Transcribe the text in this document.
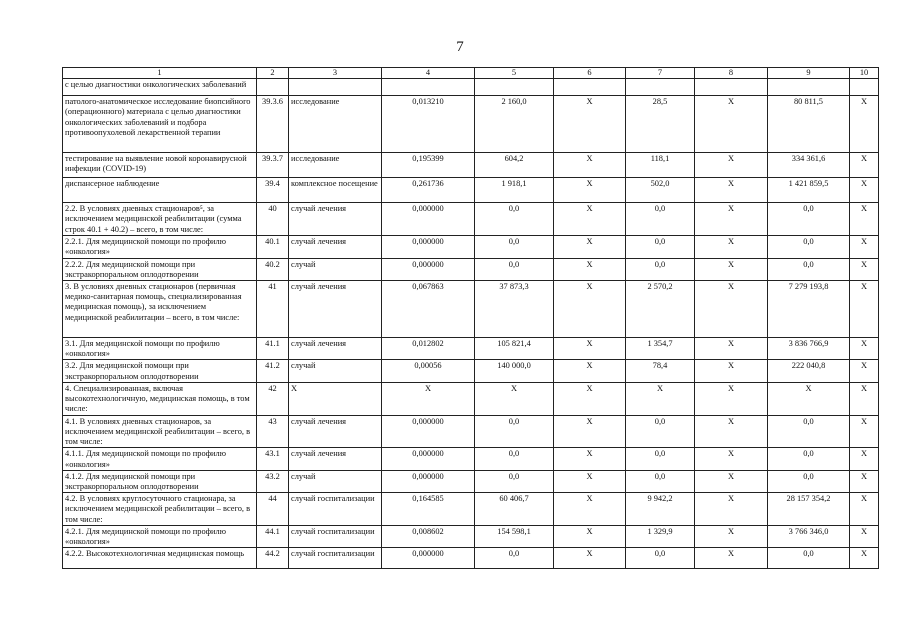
7
1	2	3	4	5	6	7	8	9	10
с целью диагностики онкологических заболеваний									
патолого-анатомическое исследование биопсийного (операционного) материала с целью диагностики онкологических заболеваний и подбора противоопухолевой лекарственной терапии	39.3.6	исследование	0,013210	2 160,0	X	28,5	X	80 811,5	X
тестирование на выявление новой коронавирусной инфекции (COVID-19)	39.3.7	исследование	0,195399	604,2	X	118,1	X	334 361,6	X
диспансерное наблюдение	39.4	комплексное посещение	0,261736	1 918,1	X	502,0	X	1 421 859,5	X
2.2. В условиях дневных стационаров⁵, за исключением медицинской реабилитации (сумма строк 40.1 + 40.2) – всего, в том числе:	40	случай лечения	0,000000	0,0	X	0,0	X	0,0	X
2.2.1. Для медицинской помощи по профилю «онкология»	40.1	случай лечения	0,000000	0,0	X	0,0	X	0,0	X
2.2.2. Для медицинской помощи при экстракорпоральном оплодотворении	40.2	случай	0,000000	0,0	X	0,0	X	0,0	X
3. В условиях дневных стационаров (первичная медико-санитарная помощь, специализированная медицинская помощь), за исключением медицинской реабилитации – всего, в том числе:	41	случай лечения	0,067863	37 873,3	X	2 570,2	X	7 279 193,8	X
3.1. Для медицинской помощи по профилю «онкология»	41.1	случай лечения	0,012802	105 821,4	X	1 354,7	X	3 836 766,9	X
3.2. Для медицинской помощи при экстракорпоральном оплодотворении	41.2	случай	0,00056	140 000,0	X	78,4	X	222 040,8	X
4. Специализированная, включая высокотехнологичную, медицинская помощь, в том числе:	42	X	X	X	X	X	X	X	X
4.1. В условиях дневных стационаров, за исключением медицинской реабилитации – всего, в том числе:	43	случай лечения	0,000000	0,0	X	0,0	X	0,0	X
4.1.1. Для медицинской помощи по профилю «онкология»	43.1	случай лечения	0,000000	0,0	X	0,0	X	0,0	X
4.1.2. Для медицинской помощи при экстракорпоральном оплодотворении	43.2	случай	0,000000	0,0	X	0,0	X	0,0	X
4.2. В условиях круглосуточного стационара, за исключением медицинской реабилитации – всего, в том числе:	44	случай госпитализации	0,164585	60 406,7	X	9 942,2	X	28 157 354,2	X
4.2.1. Для медицинской помощи по профилю «онкология»	44.1	случай госпитализации	0,008602	154 598,1	X	1 329,9	X	3 766 346,0	X
4.2.2. Высокотехнологичная медицинская помощь	44.2	случай госпитализации	0,000000	0,0	X	0,0	X	0,0	X
